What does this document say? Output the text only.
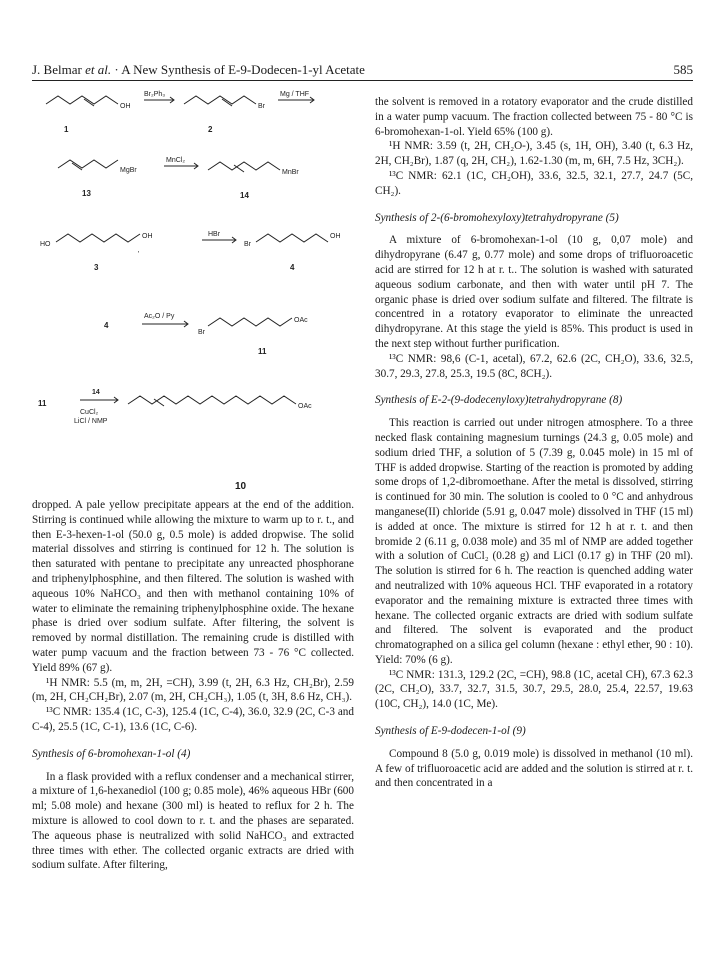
J. Belmar et al. · A New Synthesis of E-9-Dodecen-1-yl Acetate	585
OH
Br₂Ph₃
Br
Mg / THF
1	2
MgBr
MnCl₂
MnBr
13	14
HO
OH	HBr
Br
OH
'
3	4
4
Ac₂O / Py
Br
OAc
11
11
14
CuCl₂
LiCl / NMP
OAc
10

dropped. A pale yellow precipitate appears at the end of the addition. Stirring is continued while allowing the mixture to warm up to r. t., and then E-3-hexen-1-ol (50.0 g, 0.5 mole) is added dropwise. The solid material dissolves and stirring is continued for 12 h. The solution is then saturated with pentane to precipitate any unreacted phosphorane and triphenylphosphine, and then filtered. The solution is washed with aqueous 10% NaHCO₃ and then with methanol containing 10% of water to eliminate the remaining triphenylphosphine oxide. The hexane phase is dried over sodium sulfate. After filtering, the solvent is removed by normal distillation. The remaining crude is distilled with water pump vacuum and the fraction between 73 - 76 °C collected. Yield 89% (67 g).

¹H NMR: 5.5 (m, m, 2H, =CH), 3.99 (t, 2H, 6.3 Hz, CH₂Br), 2.59 (m, 2H, CH₂CH₂Br), 2.07 (m, 2H, CH₂CH₃), 1.05 (t, 3H, 8.6 Hz, CH₃).

¹³C NMR: 135.4 (1C, C-3), 125.4 (1C, C-4), 36.0, 32.9 (2C, C-3 and C-4), 25.5 (1C, C-1), 13.6 (1C, C-6).

Synthesis of 6-bromohexan-1-ol (4)

In a flask provided with a reflux condenser and a mechanical stirrer, a mixture of 1,6-hexanediol (100 g; 0.85 mole), 46% aqueous HBr (600 ml; 5.08 mole) and hexane (300 ml) is heated to reflux for 2 h. The mixture is allowed to cool down to r. t. and the phases are separated. The aqueous phase is neutralized with solid NaHCO₃ and extracted three times with ether. The collected organic extracts are dried with sodium sulfate. After filtering,

the solvent is removed in a rotatory evaporator and the crude distilled in a water pump vacuum. The fraction collected between 75 - 80 °C is 6-bromohexan-1-ol. Yield 65% (100 g).

¹H NMR: 3.59 (t, 2H, CH₂O-), 3.45 (s, 1H, OH), 3.40 (t, 6.3 Hz, 2H, CH₂Br), 1.87 (q, 2H, CH₂), 1.62-1.30 (m, m, 6H, 7.5 Hz, 3CH₂).

¹³C NMR: 62.1 (1C, CH₂OH), 33.6, 32.5, 32.1, 27.7, 24.7 (5C, CH₂).

Synthesis of 2-(6-bromohexyloxy)tetrahydropyrane (5)

A mixture of 6-bromohexan-1-ol (10 g, 0,07 mole) and dihydropyrane (6.47 g, 0.77 mole) and some drops of trifluoroacetic acid are stirred for 12 h at r. t.. The solution is washed with saturated aqueous sodium carbonate, and then with water until pH 7. The organic phase is dried over sodium sulfate and filtered. The filtrate is concentred in a rotatory evaporator to eliminate the unreacted dihydropyrane. At this stage the yield is 85%. This product is used in the next step without further purification.

¹³C NMR: 98,6 (C-1, acetal), 67.2, 62.6 (2C, CH₂O), 33.6, 32.5, 30.7, 29.3, 27.8, 25.3, 19.5 (8C, 8CH₂).

Synthesis of E-2-(9-dodecenyloxy)tetrahydropyrane (8)

This reaction is carried out under nitrogen atmosphere. To a three necked flask containing magnesium turnings (24.3 g, 0.05 mole) and sodium dried THF, a solution of 5 (7.39 g, 0.045 mole) in 15 ml of THF is added dropwise. Starting of the reaction is promoted by adding some drops of 1,2-dibromoethane. After the metal is dissolved, stirring is continued for 30 min. The solution is cooled to 0 °C and anhydrous manganese(II) chloride (5.91 g, 0.047 mole) dissolved in THF (15 ml) is added at once. The mixture is stirred for 12 h at r. t. and then bromide 2 (6.11 g, 0.038 mole) and 35 ml of NMP are added together with a solution of CuCl₂ (0.28 g) and LiCl (0.17 g) in THF (20 ml). The solution is stirred for 6 h. The reaction is quenched adding water and neutralized with 10% aqueous HCl. THF evaporated in a rotatory evaporator and the remaining mixture is extracted three times with hexane. The collected organic extracts are dried with sodium sulfate and filtered. The solvent is evaporated and the product chromatographed on a silica gel column (hexane : ethyl ether, 90 : 10). Yield: 70% (6 g).

¹³C NMR: 131.3, 129.2 (2C, =CH), 98.8 (1C, acetal CH), 67.3 62.3 (2C, CH₂O), 33.7, 32.7, 31.5, 30.7, 29.5, 28.0, 25.4, 22.57, 19.63 (10C, CH₂), 14.0 (1C, Me).

Synthesis of E-9-dodecen-1-ol (9)

Compound 8 (5.0 g, 0.019 mole) is dissolved in methanol (10 ml). A few of trifluoroacetic acid are added and the solution is stirred at r. t. and then concentrated in a
